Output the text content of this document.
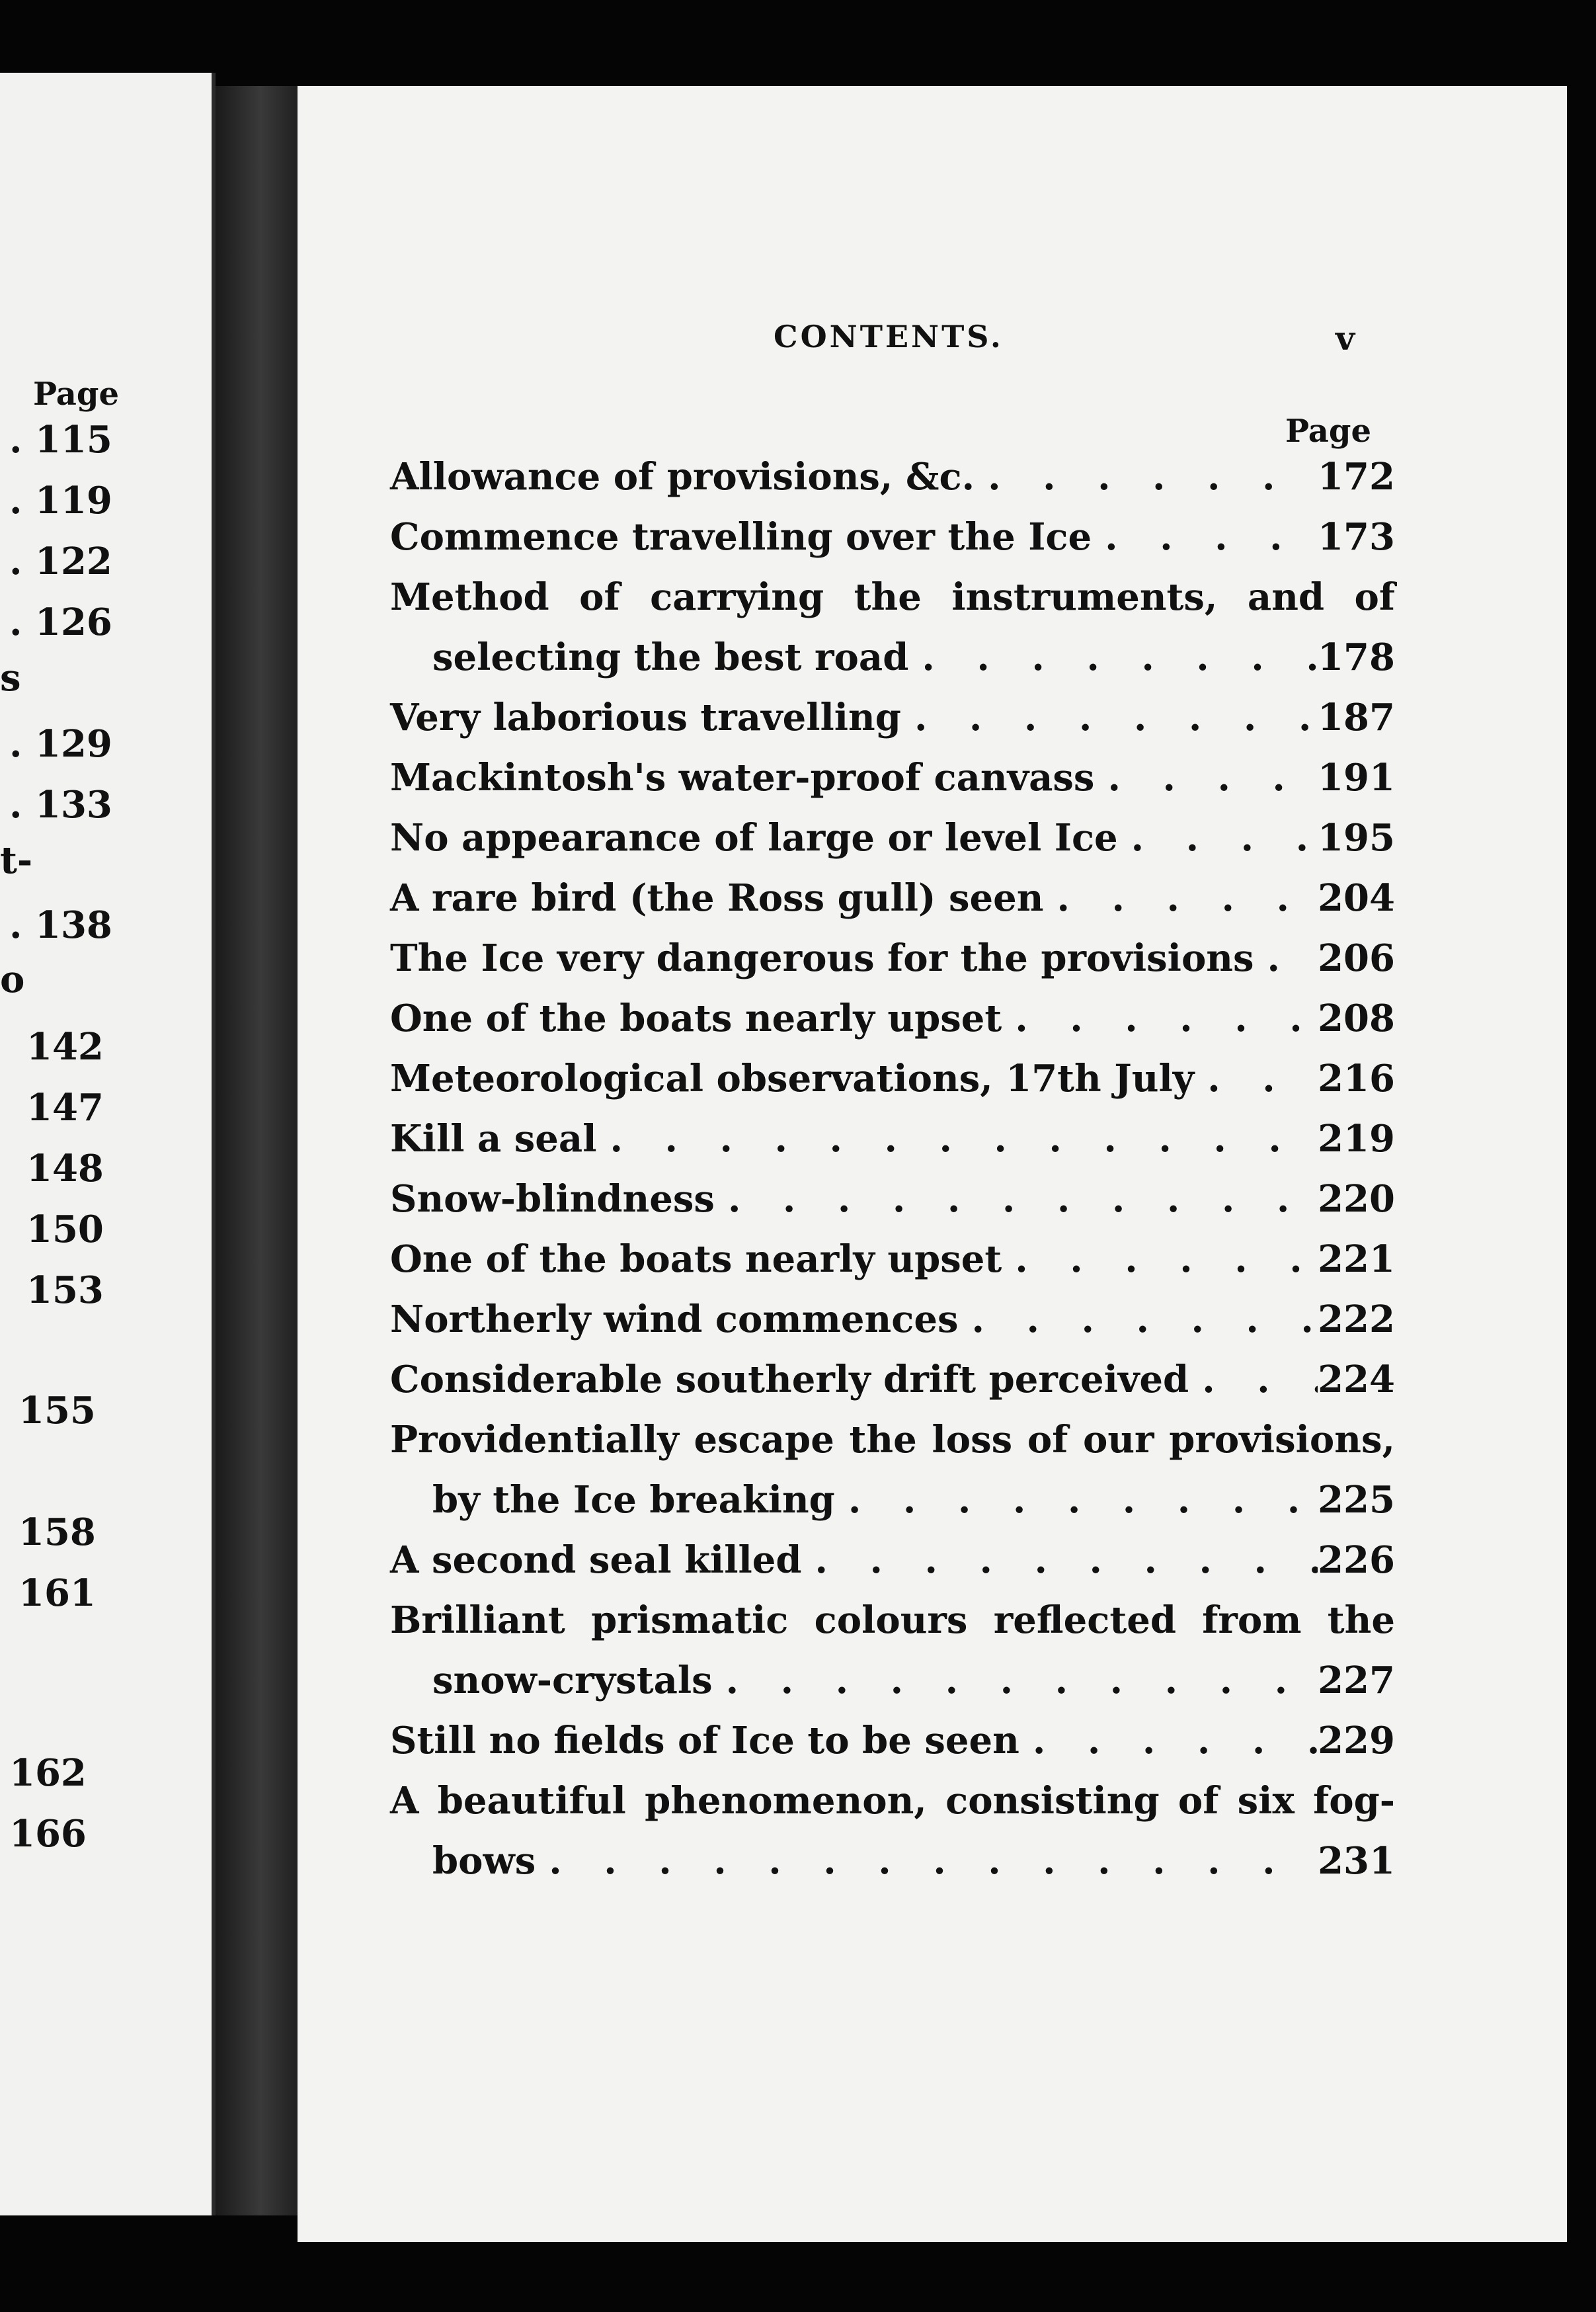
Page
. 115
. 119
. 122
. 126
s
. 129
. 133
t-
. 138
o
142
147
148
150
153
155
158
161
162
166
CONTENTS.	v
Page
Allowance of provisions, &c. . . .	172
Commence travelling over the Ice . . .	173
Method of carrying the instruments, and of
selecting the best road . . .	178
Very laborious travelling . . .	187
Mackintosh's water-proof canvass . . .	191
No appearance of large or level Ice . . .	195
A rare bird (the Ross gull) seen . . .	204
The Ice very dangerous for the provisions . . . 206
One of the boats nearly upset . . .	208
Meteorological observations, 17th July . . .	216
Kill a seal . . .	219
Snow-blindness . . .	220
One of the boats nearly upset . . .	221
Northerly wind commences . . .	222
Considerable southerly drift perceived . . .	224
Providentially escape the loss of our provisions,
by the Ice breaking . . .	225
A second seal killed . . .	226
Brilliant prismatic colours reflected from the
snow-crystals . . .	227
Still no fields of Ice to be seen . . .	229
A beautiful phenomenon, consisting of six fog-
bows . . .	231
